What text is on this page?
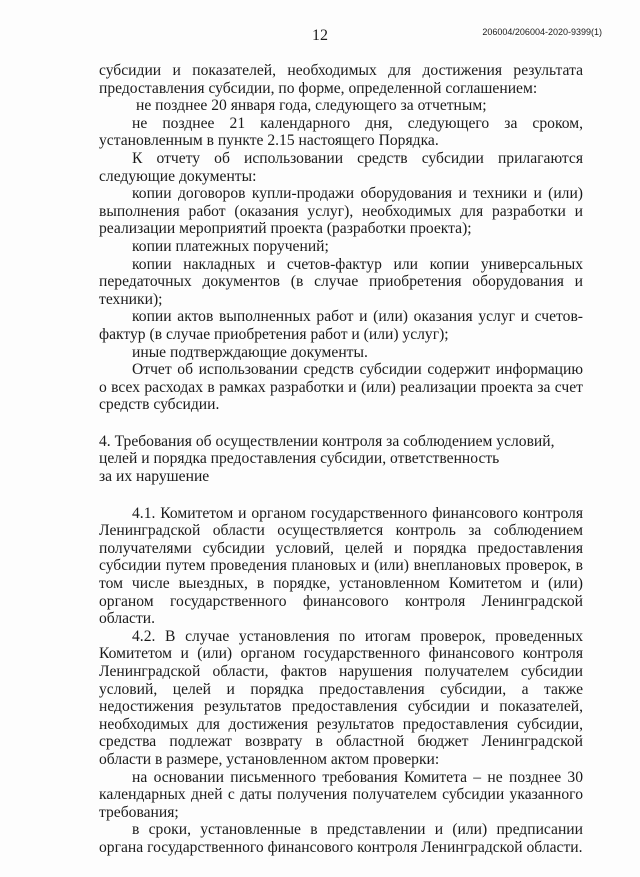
12	206004/206004-2020-9399(1)

субсидии и показателей, необходимых для достижения результата предоставления субсидии, по форме, определенной соглашением:

не позднее 20 января года, следующего за отчетным;

не позднее 21 календарного дня, следующего за сроком, установленным в пункте 2.15 настоящего Порядка.

К отчету об использовании средств субсидии прилагаются следующие документы:

копии договоров купли-продажи оборудования и техники и (или) выполнения работ (оказания услуг), необходимых для разработки и реализации мероприятий проекта (разработки проекта);

копии платежных поручений;

копии накладных и счетов-фактур или копии универсальных передаточных документов (в случае приобретения оборудования и техники);

копии актов выполненных работ и (или) оказания услуг и счетов-фактур (в случае приобретения работ и (или) услуг);

иные подтверждающие документы.

Отчет об использовании средств субсидии содержит информацию о всех расходах в рамках разработки и (или) реализации проекта за счет средств субсидии.

4. Требования об осуществлении контроля за соблюдением условий,

целей и порядка предоставления субсидии, ответственность

за их нарушение

4.1. Комитетом и органом государственного финансового контроля Ленинградской области осуществляется контроль за соблюдением получателями субсидии условий, целей и порядка предоставления субсидии путем проведения плановых и (или) внеплановых проверок, в том числе выездных, в порядке, установленном Комитетом и (или) органом государственного финансового контроля Ленинградской области.

4.2. В случае установления по итогам проверок, проведенных Комитетом и (или) органом государственного финансового контроля Ленинградской области, фактов нарушения получателем субсидии условий, целей и порядка предоставления субсидии, а также недостижения результатов предоставления субсидии и показателей, необходимых для достижения результатов предоставления субсидии, средства подлежат возврату в областной бюджет Ленинградской области в размере, установленном актом проверки:

на основании письменного требования Комитета – не позднее 30 календарных дней с даты получения получателем субсидии указанного требования;

в сроки, установленные в представлении и (или) предписании органа государственного финансового контроля Ленинградской области.
